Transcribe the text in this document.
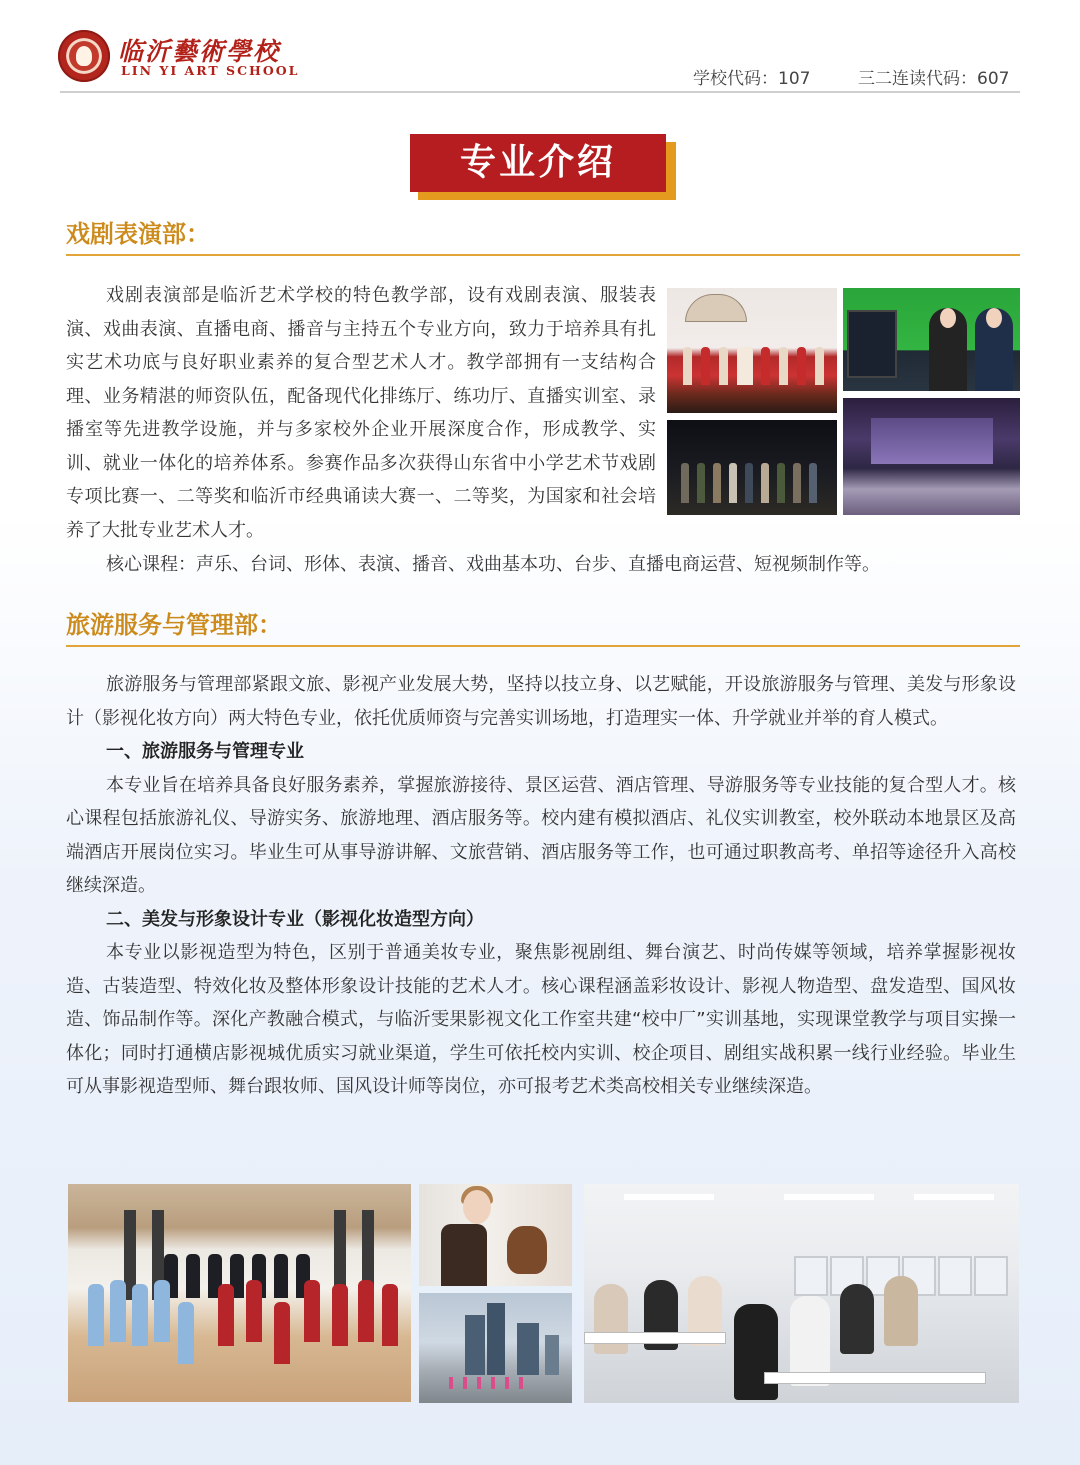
临沂藝術學校
LIN YI ART SCHOOL	学校代码：107	三二连读代码：607
专业介绍
戏剧表演部：

戏剧表演部是临沂艺术学校的特色教学部，设有戏剧表演、服装表演、戏曲表演、直播电商、播音与主持五个专业方向，致力于培养具有扎实艺术功底与良好职业素养的复合型艺术人才。教学部拥有一支结构合理、业务精湛的师资队伍，配备现代化排练厅、练功厅、直播实训室、录播室等先进教学设施，并与多家校外企业开展深度合作，形成教学、实训、就业一体化的培养体系。参赛作品多次获得山东省中小学艺术节戏剧专项比赛一、二等奖和临沂市经典诵读大赛一、二等奖，为国家和社会培养了大批专业艺术人才。

核心课程：声乐、台词、形体、表演、播音、戏曲基本功、台步、直播电商运营、短视频制作等。

旅游服务与管理部：

旅游服务与管理部紧跟文旅、影视产业发展大势，坚持以技立身、以艺赋能，开设旅游服务与管理、美发与形象设计（影视化妆方向）两大特色专业，依托优质师资与完善实训场地，打造理实一体、升学就业并举的育人模式。

一、旅游服务与管理专业

本专业旨在培养具备良好服务素养，掌握旅游接待、景区运营、酒店管理、导游服务等专业技能的复合型人才。核心课程包括旅游礼仪、导游实务、旅游地理、酒店服务等。校内建有模拟酒店、礼仪实训教室，校外联动本地景区及高端酒店开展岗位实习。毕业生可从事导游讲解、文旅营销、酒店服务等工作，也可通过职教高考、单招等途径升入高校继续深造。

二、美发与形象设计专业（影视化妆造型方向）

本专业以影视造型为特色，区别于普通美妆专业，聚焦影视剧组、舞台演艺、时尚传媒等领域，培养掌握影视妆造、古装造型、特效化妆及整体形象设计技能的艺术人才。核心课程涵盖彩妆设计、影视人物造型、盘发造型、国风妆造、饰品制作等。深化产教融合模式，与临沂雯果影视文化工作室共建“校中厂”实训基地，实现课堂教学与项目实操一体化；同时打通横店影视城优质实习就业渠道，学生可依托校内实训、校企项目、剧组实战积累一线行业经验。毕业生可从事影视造型师、舞台跟妆师、国风设计师等岗位，亦可报考艺术类高校相关专业继续深造。
